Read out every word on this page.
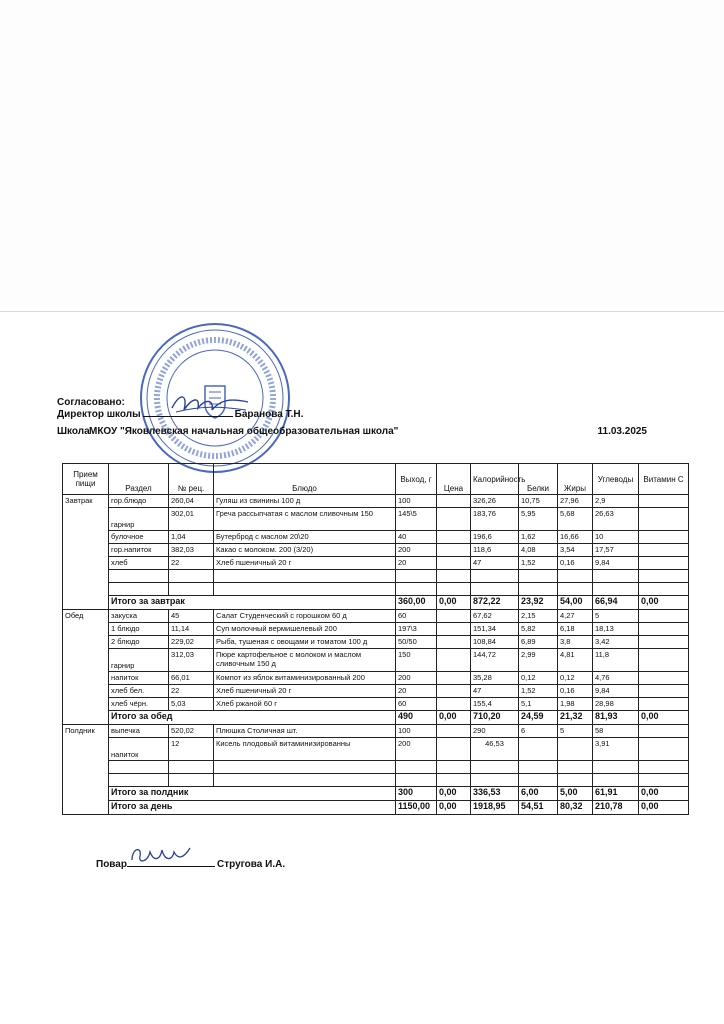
Согласовано:
Директор школы	Баранова Т.Н.
Школа МКОУ "Яковлевская начальная общеобразовательная школа"	11.03.2025
Прием пищи	Раздел	№ рец.	Блюдо	Выход, г	Цена	Калорийность	Белки	Жиры	Углеводы	Витамин С
Завтрак	гор.блюдо	260,04	Гуляш из свинины 100 д	100		326,26	10,75	27,96	2,9	
	гарнир	302,01	Греча рассыпчатая с маслом сливочным 150	145\5		183,76	5,95	5,68	26,63	
	булочное	1,04	Бутерброд с маслом 20\20	40		196,6	1,62	16,66	10	
	гор.напиток	382,03	Какао с молоком. 200 (3/20)	200		118,6	4,08	3,54	17,57	
	хлеб	22	Хлеб пшеничный 20 г	20		47	1,52	0,16	9,84	

	Итого за завтрак			360,00	0,00	872,22	23,92	54,00	66,94	0,00
Обед	закуска	45	Салат Студенческий с горошком 60 д	60		67,62	2,15	4,27	5	
	1 блюдо	11,14	Суп молочный вермишелевый 200	197\3		151,34	5,82	6,18	18,13	
	2 блюдо	229,02	Рыба, тушеная с овощами и томатом 100 д	50/50		108,84	6,89	3,8	3,42	
	гарнир	312,03	Пюре картофельное с молоком и маслом сливочным 150 д	150		144,72	2,99	4,81	11,8	
	напиток	66,01	Компот из яблок витаминизированный 200	200		35,28	0,12	0,12	4,76	
	хлеб бел.	22	Хлеб пшеничный 20 г	20		47	1,52	0,16	9,84	
	хлеб чёрн.	5,03	Хлеб ржаной 60 г	60		155,4	5,1	1,98	28,98	
	Итого за обед			490	0,00	710,20	24,59	21,32	81,93	0,00
Полдник	выпечка	520,02	Плюшка Столичная шт.	100		290	6	5	58	
	напиток	12	Кисель плодовый витаминизированны	200		46,53			3,91	

	Итого за полдник			300	0,00	336,53	6,00	5,00	61,91	0,00
	Итого за день			1150,00	0,00	1918,95	54,51	80,32	210,78	0,00
Повар	Стругова И.А.
